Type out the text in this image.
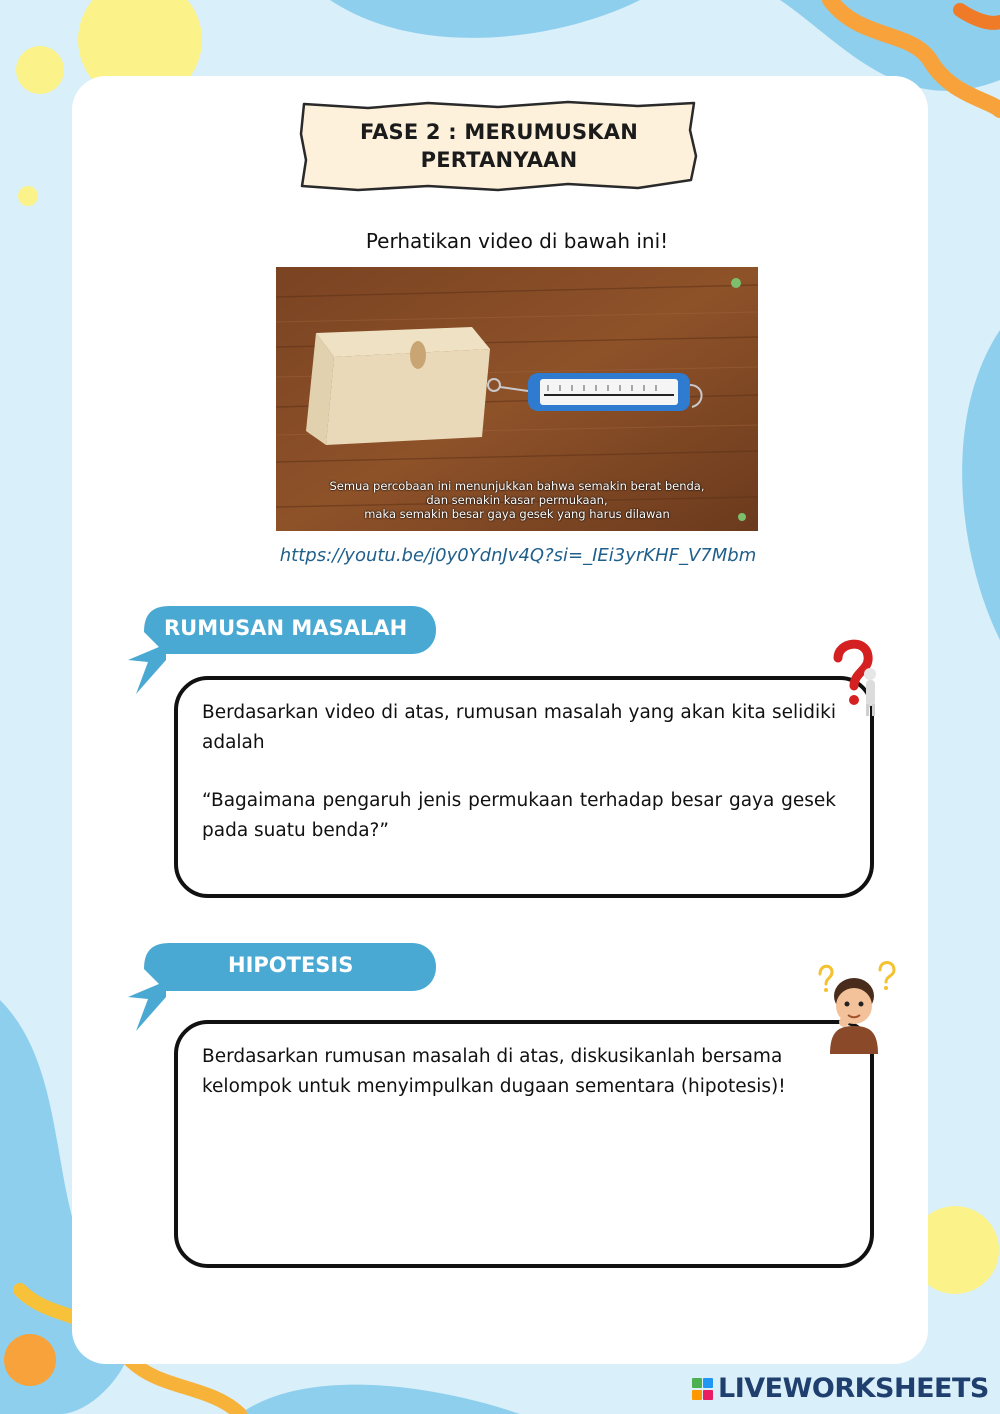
FASE 2 : MERUMUSKAN
PERTANYAAN
Perhatikan video di bawah ini!
Semua percobaan ini menunjukkan bahwa semakin berat benda,
dan semakin kasar permukaan,
maka semakin besar gaya gesek yang harus dilawan
https://youtu.be/j0y0YdnJv4Q?si=_IEi3yrKHF_V7Mbm
RUMUSAN MASALAH
Berdasarkan video di atas, rumusan masalah yang akan kita selidiki adalah
“Bagaimana pengaruh jenis permukaan terhadap besar gaya gesek pada suatu benda?”
HIPOTESIS
Berdasarkan rumusan masalah di atas, diskusikanlah bersama kelompok untuk menyimpulkan dugaan sementara (hipotesis)!
LIVEWORKSHEETS
